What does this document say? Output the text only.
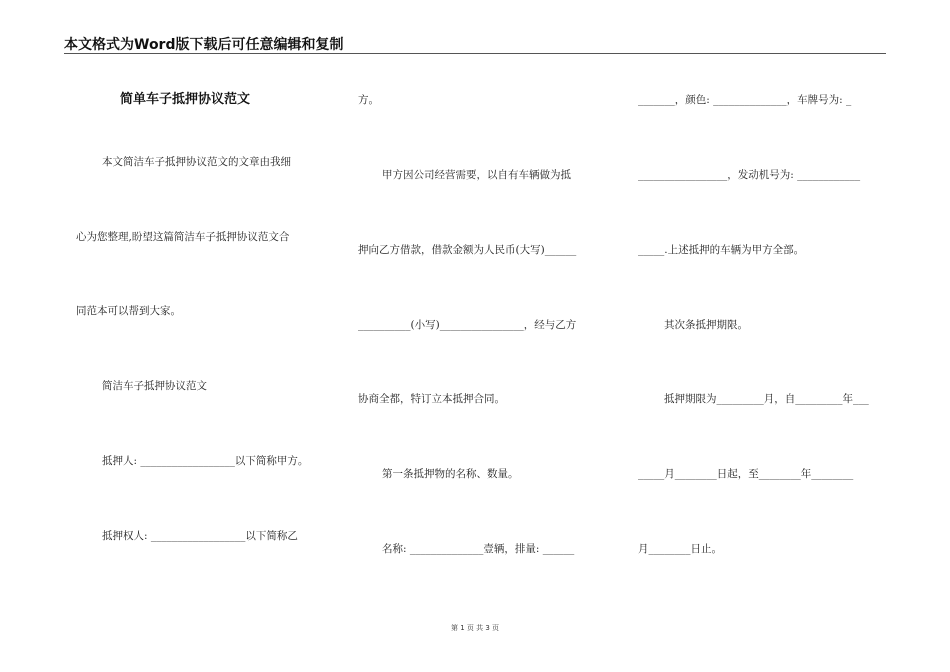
本文格式为Word版下载后可任意编辑和复制
简单车子抵押协议范文
本文简洁车子抵押协议范文的文章由我细
心为您整理,盼望这篇简洁车子抵押协议范文合
同范本可以帮到大家。
简洁车子抵押协议范文
抵押人: __________________以下简称甲方。
抵押权人: __________________以下简称乙
方。
甲方因公司经营需要，以自有车辆做为抵
押向乙方借款，借款金额为人民币(大写)______
__________(小写)________________，经与乙方
协商全都，特订立本抵押合同。
第一条抵押物的名称、数量。
名称: ______________壹辆，排量: ______
_______，颜色: ______________，车牌号为: _
_________________，发动机号为: ____________
_____.上述抵押的车辆为甲方全部。
其次条抵押期限。
抵押期限为_________月，自_________年___
_____月________日起，至________年________
月________日止。
第 1 页 共 3 页
